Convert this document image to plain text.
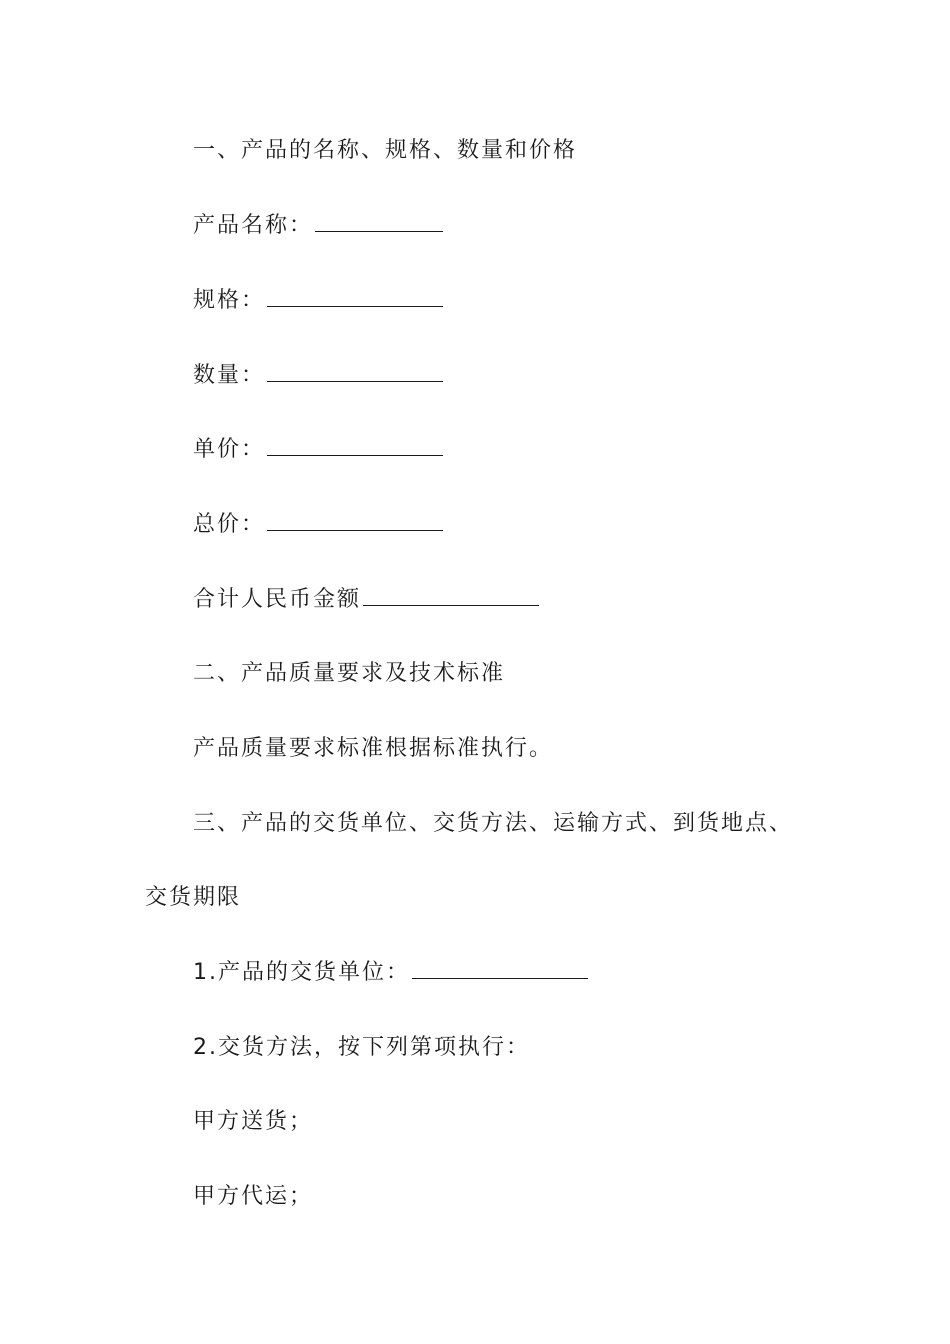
一、产品的名称、规格、数量和价格
产品名称：
规格：
数量：
单价：
总价：
合计人民币金额
二、产品质量要求及技术标准
产品质量要求标准根据标准执行。
三、产品的交货单位、交货方法、运输方式、到货地点、
交货期限
1.产品的交货单位：
2.交货方法，按下列第项执行：
甲方送货；
甲方代运；
